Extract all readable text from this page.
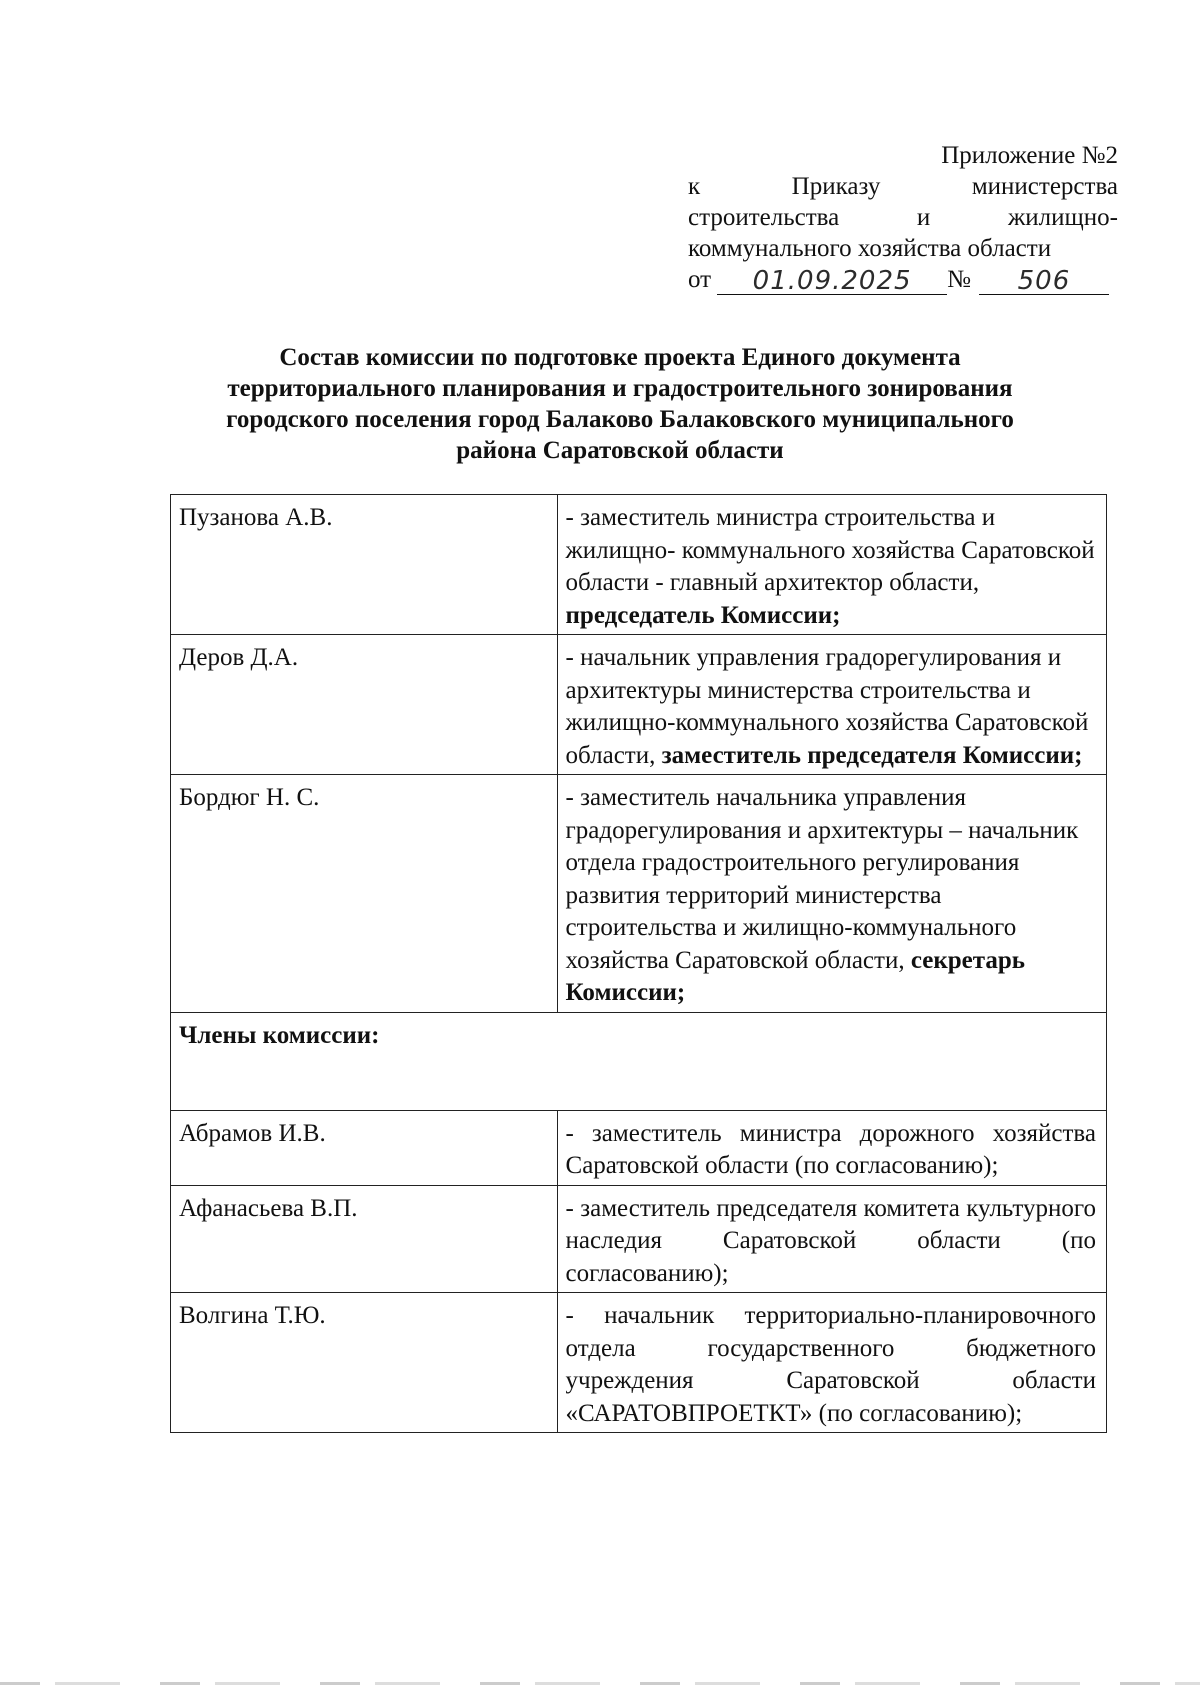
Приложение №2
к	Приказу	министерства
строительства	и	жилищно-
коммунального хозяйства области
от	01.09.2025	№	506
Состав комиссии по подготовке проекта Единого документа
территориального планирования и градостроительного зонирования
городского поселения город Балаково Балаковского муниципального
района Саратовской области
Пузанова А.В.	- заместитель министра строительства и жилищно- коммунального хозяйства Саратовской области - главный архитектор области, председатель Комиссии;
Деров Д.А.	- начальник управления градорегулирования и архитектуры министерства строительства и жилищно-коммунального хозяйства Саратовской области, заместитель председателя Комиссии;
Бордюг Н. С.	- заместитель начальника управления градорегулирования и архитектуры – начальник отдела градостроительного регулирования развития территорий министерства строительства и жилищно-коммунального хозяйства Саратовской области, секретарь Комиссии;
Члены комиссии:	
Абрамов И.В.	- заместитель министра дорожного хозяйства Саратовской области (по согласованию);
Афанасьева В.П.	- заместитель председателя комитета культурного наследия Саратовской области (по согласованию);
Волгина Т.Ю.	- начальник территориально-планировочного отдела государственного бюджетного учреждения Саратовской области «САРАТОВПРОЕТКТ» (по согласованию);
